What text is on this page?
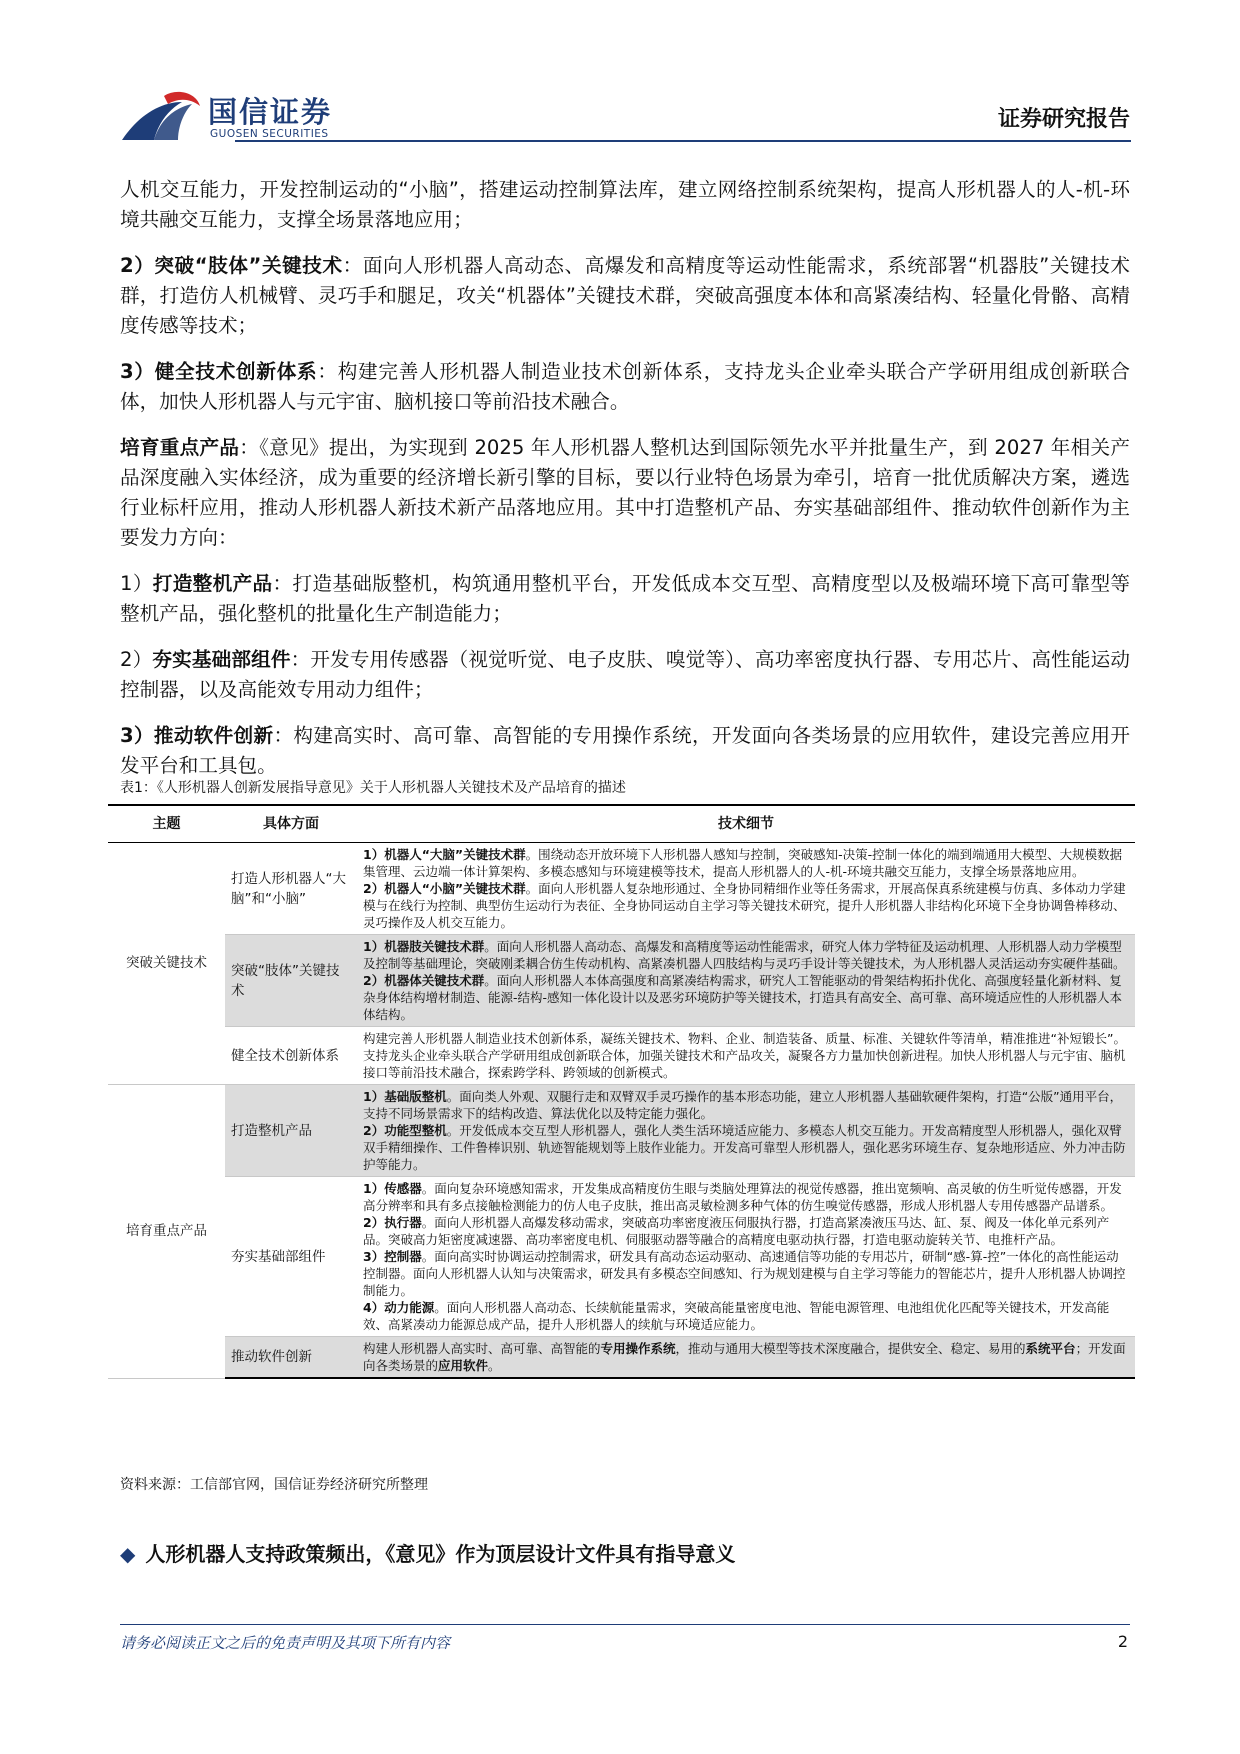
国信证券
GUOSEN SECURITIES
证券研究报告

人机交互能力，开发控制运动的“小脑”，搭建运动控制算法库，建立网络控制系统架构，提高人形机器人的人-机-环境共融交互能力，支撑全场景落地应用；

2）突破“肢体”关键技术：面向人形机器人高动态、高爆发和高精度等运动性能需求，系统部署“机器肢”关键技术群，打造仿人机械臂、灵巧手和腿足，攻关“机器体”关键技术群，突破高强度本体和高紧凑结构、轻量化骨骼、高精度传感等技术；

3）健全技术创新体系：构建完善人形机器人制造业技术创新体系，支持龙头企业牵头联合产学研用组成创新联合体，加快人形机器人与元宇宙、脑机接口等前沿技术融合。

培育重点产品：《意见》提出，为实现到 2025 年人形机器人整机达到国际领先水平并批量生产，到 2027 年相关产品深度融入实体经济，成为重要的经济增长新引擎的目标，要以行业特色场景为牵引，培育一批优质解决方案，遴选行业标杆应用，推动人形机器人新技术新产品落地应用。其中打造整机产品、夯实基础部组件、推动软件创新作为主要发力方向：

1）打造整机产品：打造基础版整机，构筑通用整机平台，开发低成本交互型、高精度型以及极端环境下高可靠型等整机产品，强化整机的批量化生产制造能力；

2）夯实基础部组件：开发专用传感器（视觉听觉、电子皮肤、嗅觉等）、高功率密度执行器、专用芯片、高性能运动控制器，以及高能效专用动力组件；

3）推动软件创新：构建高实时、高可靠、高智能的专用操作系统，开发面向各类场景的应用软件，建设完善应用开发平台和工具包。

表1：《人形机器人创新发展指导意见》关于人形机器人关键技术及产品培育的描述
主题	具体方面	技术细节
突破关键技术	打造人形机器人“大脑”和“小脑”	1）机器人“大脑”关键技术群。围绕动态开放环境下人形机器人感知与控制，突破感知-决策-控制一体化的端到端通用大模型、大规模数据集管理、云边端一体计算架构、多模态感知与环境建模等技术，提高人形机器人的人-机-环境共融交互能力，支撑全场景落地应用。
2）机器人“小脑”关键技术群。面向人形机器人复杂地形通过、全身协同精细作业等任务需求，开展高保真系统建模与仿真、多体动力学建模与在线行为控制、典型仿生运动行为表征、全身协同运动自主学习等关键技术研究，提升人形机器人非结构化环境下全身协调鲁棒移动、灵巧操作及人机交互能力。

	突破“肢体”关键技术	1）机器肢关键技术群。面向人形机器人高动态、高爆发和高精度等运动性能需求，研究人体力学特征及运动机理、人形机器人动力学模型及控制等基础理论，突破刚柔耦合仿生传动机构、高紧凑机器人四肢结构与灵巧手设计等关键技术，为人形机器人灵活运动夯实硬件基础。
2）机器体关键技术群。面向人形机器人本体高强度和高紧凑结构需求，研究人工智能驱动的骨架结构拓扑优化、高强度轻量化新材料、复杂身体结构增材制造、能源-结构-感知一体化设计以及恶劣环境防护等关键技术，打造具有高安全、高可靠、高环境适应性的人形机器人本体结构。

	健全技术创新体系	构建完善人形机器人制造业技术创新体系，凝练关键技术、物料、企业、制造装备、质量、标准、关键软件等清单，精准推进“补短锻长”。支持龙头企业牵头联合产学研用组成创新联合体，加强关键技术和产品攻关，凝聚各方力量加快创新进程。加快人形机器人与元宇宙、脑机接口等前沿技术融合，探索跨学科、跨领域的创新模式。

培育重点产品	打造整机产品	1）基础版整机。面向类人外观、双腿行走和双臂双手灵巧操作的基本形态功能，建立人形机器人基础软硬件架构，打造“公版”通用平台，支持不同场景需求下的结构改造、算法优化以及特定能力强化。
2）功能型整机。开发低成本交互型人形机器人，强化人类生活环境适应能力、多模态人机交互能力。开发高精度型人形机器人，强化双臂双手精细操作、工件鲁棒识别、轨迹智能规划等上肢作业能力。开发高可靠型人形机器人，强化恶劣环境生存、复杂地形适应、外力冲击防护等能力。

	夯实基础部组件	1）传感器。面向复杂环境感知需求，开发集成高精度仿生眼与类脑处理算法的视觉传感器，推出宽频响、高灵敏的仿生听觉传感器，开发高分辨率和具有多点接触检测能力的仿人电子皮肤，推出高灵敏检测多种气体的仿生嗅觉传感器，形成人形机器人专用传感器产品谱系。
2）执行器。面向人形机器人高爆发移动需求，突破高功率密度液压伺服执行器，打造高紧凑液压马达、缸、泵、阀及一体化单元系列产品。突破高力矩密度减速器、高功率密度电机、伺服驱动器等融合的高精度电驱动执行器，打造电驱动旋转关节、电推杆产品。
3）控制器。面向高实时协调运动控制需求，研发具有高动态运动驱动、高速通信等功能的专用芯片，研制“感-算-控”一体化的高性能运动控制器。面向人形机器人认知与决策需求，研发具有多模态空间感知、行为规划建模与自主学习等能力的智能芯片，提升人形机器人协调控制能力。
4）动力能源。面向人形机器人高动态、长续航能量需求，突破高能量密度电池、智能电源管理、电池组优化匹配等关键技术，开发高能效、高紧凑动力能源总成产品，提升人形机器人的续航与环境适应能力。

	推动软件创新	构建人形机器人高实时、高可靠、高智能的专用操作系统，推动与通用大模型等技术深度融合，提供安全、稳定、易用的系统平台；开发面向各类场景的应用软件。
资料来源：工信部官网，国信证券经济研究所整理
◆ 人形机器人支持政策频出，《意见》作为顶层设计文件具有指导意义
请务必阅读正文之后的免责声明及其项下所有内容	2
